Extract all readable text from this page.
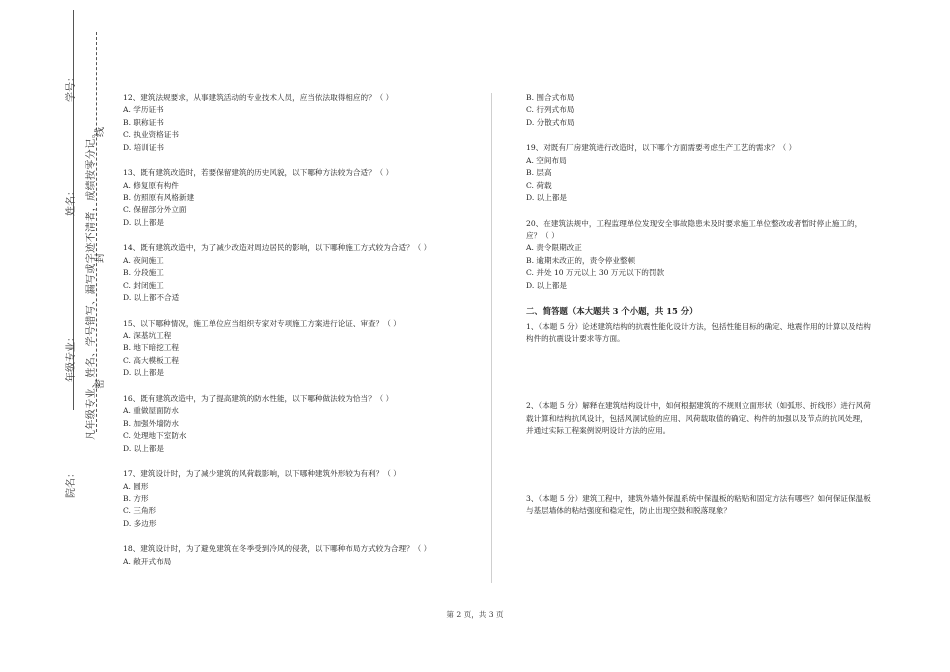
学号：
姓名：
年级专业：
院名：
凡年级专业、姓名、学号错写、漏写或字迹不清者，成绩按零分记。
密
封
线
12、建筑法规要求，从事建筑活动的专业技术人员，应当依法取得相应的？（ ）
A. 学历证书
B. 职称证书
C. 执业资格证书
D. 培训证书
13、既有建筑改造时，若要保留建筑的历史风貌，以下哪种方法较为合适？（ ）
A. 修复原有构件
B. 仿照原有风格新建
C. 保留部分外立面
D. 以上都是
14、既有建筑改造中，为了减少改造对周边居民的影响，以下哪种施工方式较为合适？（ ）
A. 夜间施工
B. 分段施工
C. 封闭施工
D. 以上都不合适
15、以下哪种情况，施工单位应当组织专家对专项施工方案进行论证、审查？（ ）
A. 深基坑工程
B. 地下暗挖工程
C. 高大模板工程
D. 以上都是
16、既有建筑改造中，为了提高建筑的防水性能，以下哪种做法较为恰当？（ ）
A. 重做屋面防水
B. 加强外墙防水
C. 处理地下室防水
D. 以上都是
17、建筑设计时，为了减少建筑的风荷载影响，以下哪种建筑外形较为有利？（ ）
A. 圆形
B. 方形
C. 三角形
D. 多边形
18、建筑设计时，为了避免建筑在冬季受到冷风的侵袭，以下哪种布局方式较为合理？（ ）
A. 敞开式布局
B. 围合式布局
C. 行列式布局
D. 分散式布局
19、对既有厂房建筑进行改造时，以下哪个方面需要考虑生产工艺的需求？（ ）
A. 空间布局
B. 层高
C. 荷载
D. 以上都是
20、在建筑法规中，工程监理单位发现安全事故隐患未及时要求施工单位整改或者暂时停止施工的，应？（ ）
A. 责令限期改正
B. 逾期未改正的，责令停业整顿
C. 并处 10 万元以上 30 万元以下的罚款
D. 以上都是
二、简答题（本大题共 3 个小题，共 15 分）
1、（本题 5 分）论述建筑结构的抗震性能化设计方法，包括性能目标的确定、地震作用的计算以及结构构件的抗震设计要求等方面。
2、（本题 5 分）解释在建筑结构设计中，如何根据建筑的不规则立面形状（如弧形、折线形）进行风荷载计算和结构抗风设计，包括风洞试验的应用、风荷载取值的确定、构件的加强以及节点的抗风处理，并通过实际工程案例说明设计方法的应用。
3、（本题 5 分）建筑工程中，建筑外墙外保温系统中保温板的粘贴和固定方法有哪些？如何保证保温板与基层墙体的粘结强度和稳定性，防止出现空鼓和脱落现象？
第 2 页，共 3 页
